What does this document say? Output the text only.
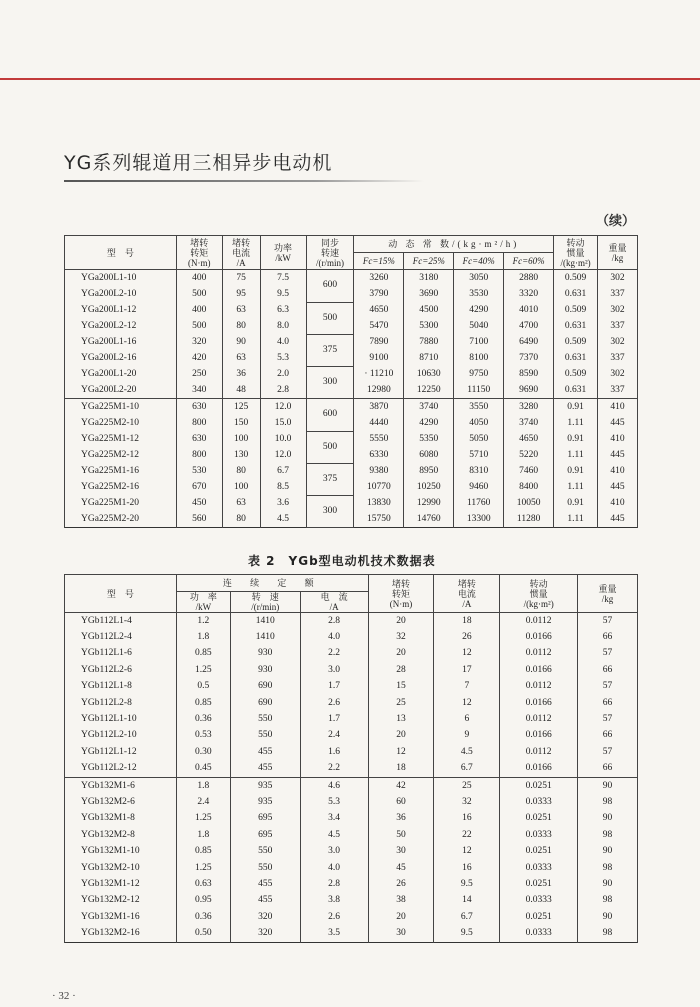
YG系列辊道用三相异步电动机
（续）
型　号	堵转
转矩
(N·m)	堵转
电流
/A	功率
/kW	同步
转速
/(r/min)	动 态 常 数/(kg·m²/h)				转动
惯量
/(kg·m²)	重量
/kg
					Fc=15%	Fc=25%	Fc=40%	Fc=60%		
YGa200L1-10	400	75	7.5	600	3260	3180	3050	2880	0.509	302
YGa200L2-10	500	95	9.5		3790	3690	3530	3320	0.631	337
YGa200L1-12	400	63	6.3	500	4650	4500	4290	4010	0.509	302
YGa200L2-12	500	80	8.0		5470	5300	5040	4700	0.631	337
YGa200L1-16	320	90	4.0	375	7890	7880	7100	6490	0.509	302
YGa200L2-16	420	63	5.3		9100	8710	8100	7370	0.631	337
YGa200L1-20	250	36	2.0	300	· 11210	10630	9750	8590	0.509	302
YGa200L2-20	340	48	2.8		12980	12250	11150	9690	0.631	337
YGa225M1-10	630	125	12.0	600	3870	3740	3550	3280	0.91	410
YGa225M2-10	800	150	15.0		4440	4290	4050	3740	1.11	445
YGa225M1-12	630	100	10.0	500	5550	5350	5050	4650	0.91	410
YGa225M2-12	800	130	12.0		6330	6080	5710	5220	1.11	445
YGa225M1-16	530	80	6.7	375	9380	8950	8310	7460	0.91	410
YGa225M2-16	670	100	8.5		10770	10250	9460	8400	1.11	445
YGa225M1-20	450	63	3.6	300	13830	12990	11760	10050	0.91	410
YGa225M2-20	560	80	4.5		15750	14760	13300	11280	1.11	445
表 2　YGb型电动机技术数据表
型　号	连 续 定 额			堵转
转矩
(N·m)	堵转
电流
/A	转动
惯量
/(kg·m²)	重量
/kg
	功　率
/kW	转　速
/(r/min)	电　流
/A				
YGb112L1-4	1.2	1410	2.8	20	18	0.0112	57
YGb112L2-4	1.8	1410	4.0	32	26	0.0166	66
YGb112L1-6	0.85	930	2.2	20	12	0.0112	57
YGb112L2-6	1.25	930	3.0	28	17	0.0166	66
YGb112L1-8	0.5	690	1.7	15	7	0.0112	57
YGb112L2-8	0.85	690	2.6	25	12	0.0166	66
YGb112L1-10	0.36	550	1.7	13	6	0.0112	57
YGb112L2-10	0.53	550	2.4	20	9	0.0166	66
YGb112L1-12	0.30	455	1.6	12	4.5	0.0112	57
YGb112L2-12	0.45	455	2.2	18	6.7	0.0166	66
YGb132M1-6	1.8	935	4.6	42	25	0.0251	90
YGb132M2-6	2.4	935	5.3	60	32	0.0333	98
YGb132M1-8	1.25	695	3.4	36	16	0.0251	90
YGb132M2-8	1.8	695	4.5	50	22	0.0333	98
YGb132M1-10	0.85	550	3.0	30	12	0.0251	90
YGb132M2-10	1.25	550	4.0	45	16	0.0333	98
YGb132M1-12	0.63	455	2.8	26	9.5	0.0251	90
YGb132M2-12	0.95	455	3.8	38	14	0.0333	98
YGb132M1-16	0.36	320	2.6	20	6.7	0.0251	90
YGb132M2-16	0.50	320	3.5	30	9.5	0.0333	98
· 32 ·
